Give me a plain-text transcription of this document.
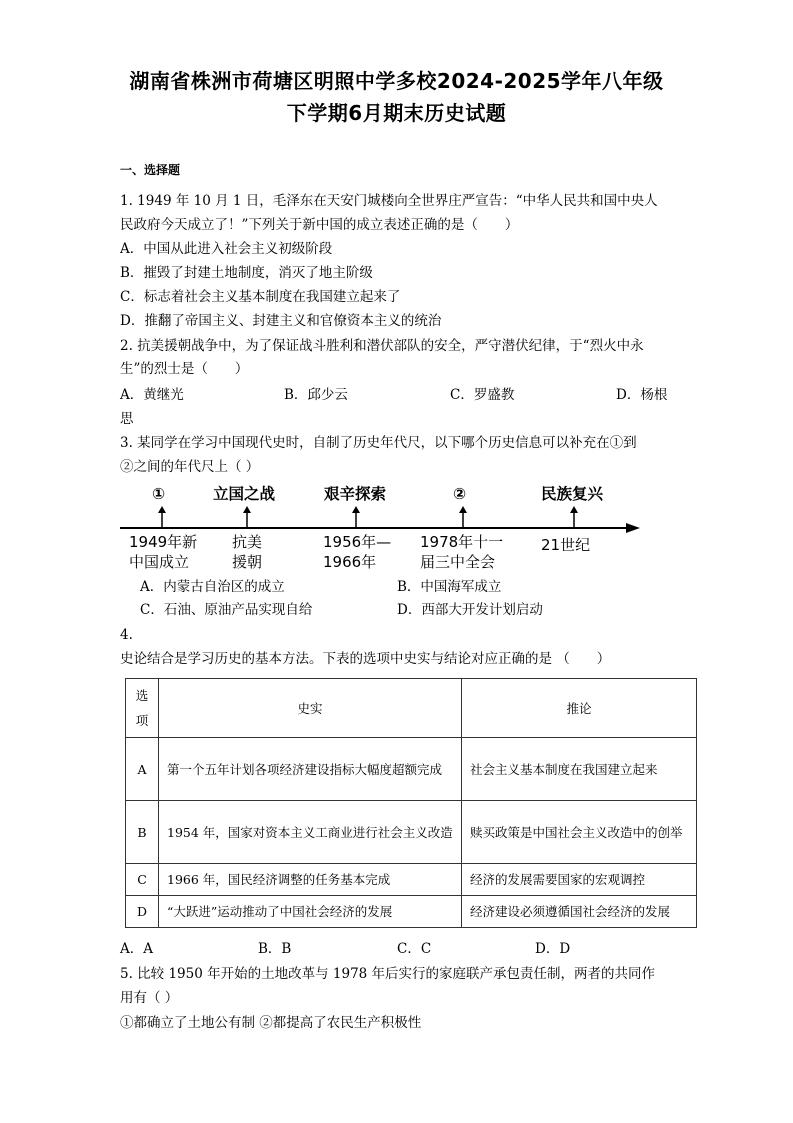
湖南省株洲市荷塘区明照中学多校2024-2025学年八年级
下学期6月期末历史试题
一、选择题
1. 1949 年 10 月 1 日，毛泽东在天安门城楼向全世界庄严宣告：“中华人民共和国中央人
民政府今天成立了！”下列关于新中国的成立表述正确的是（　　）
A．中国从此进入社会主义初级阶段
B．摧毁了封建土地制度，消灭了地主阶级
C．标志着社会主义基本制度在我国建立起来了
D．推翻了帝国主义、封建主义和官僚资本主义的统治
2. 抗美援朝战争中，为了保证战斗胜利和潜伏部队的安全，严守潜伏纪律，于“烈火中永
生”的烈士是（　　）
A．黄继光	B．邱少云	C．罗盛教	D．杨根
思
3. 某同学在学习中国现代史时，自制了历史年代尺，以下哪个历史信息可以补充在①到
②之间的年代尺上（ ）
①	立国之战	艰辛探索	②	民族复兴
1949年新
中国成立
抗美
援朝
1956年—
1966年
1978年十一
届三中全会
21世纪
A．内蒙古自治区的成立	B．中国海军成立
C．石油、原油产品实现自给	D．西部大开发计划启动
4.
史论结合是学习历史的基本方法。下表的选项中史实与结论对应正确的是 （　　）
选
项	史实	推论
A	第一个五年计划各项经济建设指标大幅度超额完成	社会主义基本制度在我国建立起来
B	1954 年，国家对资本主义工商业进行社会主义改造	赎买政策是中国社会主义改造中的创举
C	1966 年，国民经济调整的任务基本完成	经济的发展需要国家的宏观调控
D	“大跃进”运动推动了中国社会经济的发展	经济建设必须遵循国社会经济的发展
A．A	B．B	C．C	D．D
5. 比较 1950 年开始的土地改革与 1978 年后实行的家庭联产承包责任制，两者的共同作
用有（ ）
①都确立了土地公有制 ②都提高了农民生产积极性
